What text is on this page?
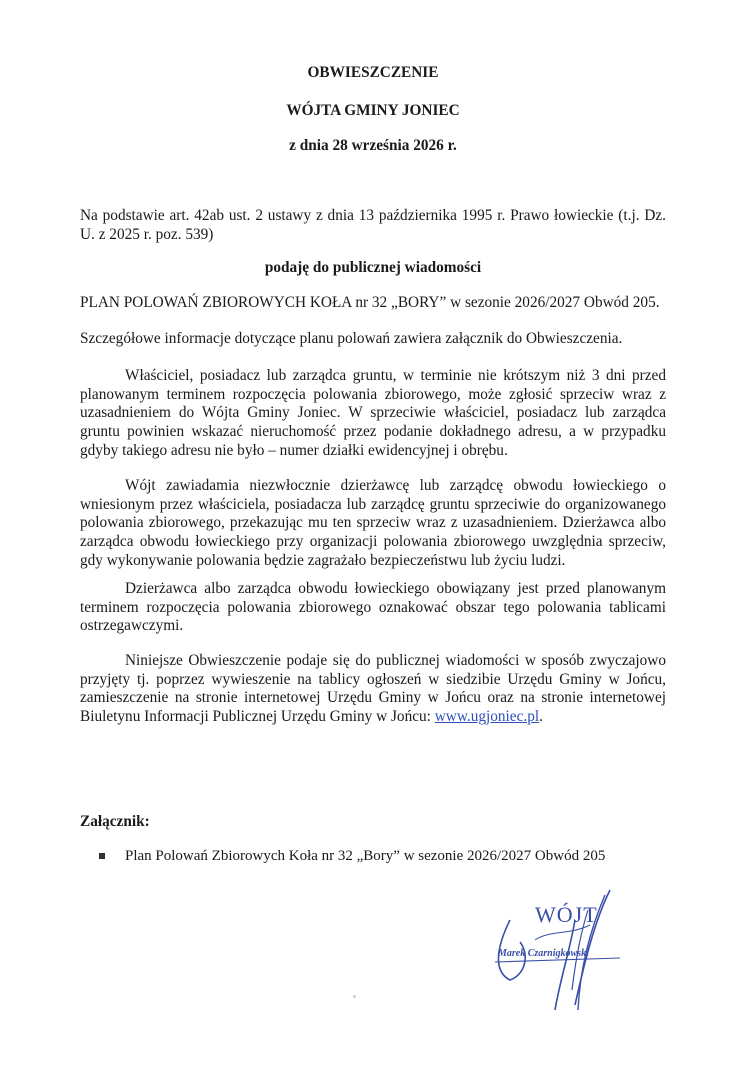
OBWIESZCZENIE
WÓJTA GMINY JONIEC
z dnia 28 września 2026 r.

Na podstawie art. 42ab ust. 2 ustawy z dnia 13 października 1995 r. Prawo łowieckie (t.j. Dz. U. z 2025 r. poz. 539)

podaję do publicznej wiadomości

PLAN POLOWAŃ ZBIOROWYCH KOŁA nr 32 „BORY” w sezonie 2026/2027 Obwód 205.

Szczegółowe informacje dotyczące planu polowań zawiera załącznik do Obwieszczenia.

Właściciel, posiadacz lub zarządca gruntu, w terminie nie krótszym niż 3 dni przed planowanym terminem rozpoczęcia polowania zbiorowego, może zgłosić sprzeciw wraz z uzasadnieniem do Wójta Gminy Joniec. W sprzeciwie właściciel, posiadacz lub zarządca gruntu powinien wskazać nieruchomość przez podanie dokładnego adresu, a w przypadku gdyby takiego adresu nie było – numer działki ewidencyjnej i obrębu.

Wójt zawiadamia niezwłocznie dzierżawcę lub zarządcę obwodu łowieckiego o wniesionym przez właściciela, posiadacza lub zarządcę gruntu sprzeciwie do organizowanego polowania zbiorowego, przekazując mu ten sprzeciw wraz z uzasadnieniem. Dzierżawca albo zarządca obwodu łowieckiego przy organizacji polowania zbiorowego uwzględnia sprzeciw, gdy wykonywanie polowania będzie zagrażało bezpieczeństwu lub życiu ludzi.

Dzierżawca albo zarządca obwodu łowieckiego obowiązany jest przed planowanym terminem rozpoczęcia polowania zbiorowego oznakować obszar tego polowania tablicami ostrzegawczymi.

Niniejsze Obwieszczenie podaje się do publicznej wiadomości w sposób zwyczajowo przyjęty tj. poprzez wywieszenie na tablicy ogłoszeń w siedzibie Urzędu Gminy w Jońcu, zamieszczenie na stronie internetowej Urzędu Gminy w Jońcu oraz na stronie internetowej Biuletynu Informacji Publicznej Urzędu Gminy w Jońcu: www.ugjoniec.pl.

Załącznik:

Plan Polowań Zbiorowych Koła nr 32 „Bory” w sezonie 2026/2027 Obwód 205
WÓJT
Marek Czarnigkowski
